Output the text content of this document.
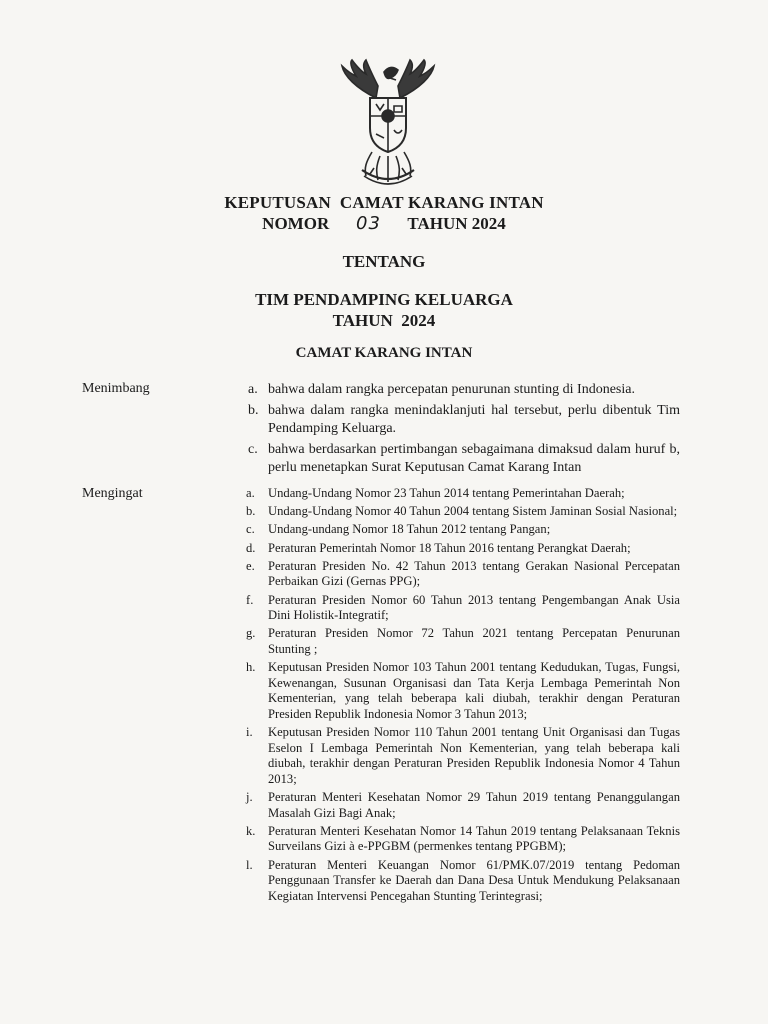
KEPUTUSAN  CAMAT KARANG INTAN
NOMOR 03 TAHUN 2024
TENTANG
TIM PENDAMPING KELUARGA
TAHUN  2024
CAMAT KARANG INTAN
Menimbang	a. bahwa dalam rangka percepatan penurunan stunting di Indonesia.
b. bahwa dalam rangka menindaklanjuti hal tersebut, perlu dibentuk Tim Pendamping Keluarga.
c. bahwa berdasarkan pertimbangan sebagaimana dimaksud dalam huruf b, perlu menetapkan Surat Keputusan Camat Karang Intan
Mengingat	a. Undang-Undang Nomor 23 Tahun 2014 tentang Pemerintahan Daerah;
b. Undang-Undang Nomor 40 Tahun 2004 tentang Sistem Jaminan Sosial Nasional;
c. Undang-undang Nomor 18 Tahun 2012 tentang Pangan;
d. Peraturan Pemerintah Nomor 18 Tahun 2016 tentang Perangkat Daerah;
e. Peraturan Presiden No. 42 Tahun 2013 tentang Gerakan Nasional Percepatan Perbaikan Gizi (Gernas PPG);
f. Peraturan Presiden Nomor 60 Tahun 2013 tentang Pengembangan Anak Usia Dini Holistik-Integratif;
g. Peraturan Presiden Nomor 72 Tahun 2021 tentang Percepatan Penurunan Stunting ;
h. Keputusan Presiden Nomor 103 Tahun 2001 tentang Kedudukan, Tugas, Fungsi, Kewenangan, Susunan Organisasi dan Tata Kerja Lembaga Pemerintah Non Kementerian, yang telah beberapa kali diubah, terakhir dengan Peraturan Presiden Republik Indonesia Nomor 3 Tahun 2013;
i. Keputusan Presiden Nomor 110 Tahun 2001 tentang Unit Organisasi dan Tugas Eselon I Lembaga Pemerintah Non Kementerian, yang telah beberapa kali diubah, terakhir dengan Peraturan Presiden Republik Indonesia Nomor 4 Tahun 2013;
j. Peraturan Menteri Kesehatan Nomor 29 Tahun 2019 tentang Penanggulangan Masalah Gizi Bagi Anak;
k. Peraturan Menteri Kesehatan Nomor 14 Tahun 2019 tentang Pelaksanaan Teknis Surveilans Gizi à e-PPGBM (permenkes tentang PPGBM);
l. Peraturan Menteri Keuangan Nomor 61/PMK.07/2019 tentang Pedoman Penggunaan Transfer ke Daerah dan Dana Desa Untuk Mendukung Pelaksanaan Kegiatan Intervensi Pencegahan Stunting Terintegrasi;
